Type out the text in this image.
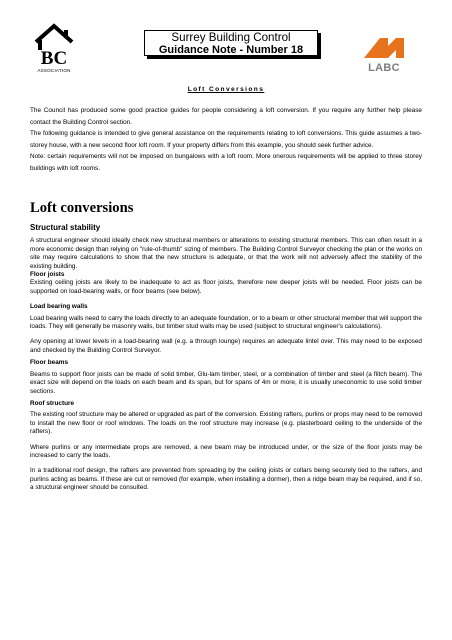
BC
ASSOCIATION
Surrey Building Control
Guidance Note - Number 18
LABC
Loft Conversions

The Council has produced some good practice guides for people considering a loft conversion. If you require any further help please contact the Building Control section.

The following guidance is intended to give general assistance on the requirements relating to loft conversions. This guide assumes a two-storey house, with a new second floor loft room. If your property differs from this example, you should seek further advice.

Note: certain requirements will not be imposed on bungalows with a loft room. More onerous requirements will be applied to three storey buildings with loft rooms.

Loft conversions
Structural stability

A structural engineer should ideally check new structural members or alterations to existing structural members. This can often result in a more economic design than relying on "rule-of-thumb" sizing of members. The Building Control Surveyor checking the plan or the works on site may require calculations to show that the new structure is adequate, or that the work will not adversely affect the stability of the existing building.

Floor joists

Existing ceiling joists are likely to be inadequate to act as floor joists, therefore new deeper joists will be needed. Floor joists can be supported on load-bearing walls, or floor beams (see below).

Load bearing walls

Load bearing walls need to carry the loads directly to an adequate foundation, or to a beam or other structural member that will support the loads. They will generally be masonry walls, but timber stud walls may be used (subject to structural engineer's calculations).

Any opening at lower levels in a load-bearing wall (e.g. a through lounge) requires an adequate lintel over. This may need to be exposed and checked by the Building Control Surveyor.

Floor beams

Beams to support floor joists can be made of solid timber, Glu-lam timber, steel, or a combination of timber and steel (a flitch beam). The exact size will depend on the loads on each beam and its span, but for spans of 4m or more, it is usually uneconomic to use solid timber sections.

Roof structure

The existing roof structure may be altered or upgraded as part of the conversion. Existing rafters, purlins or props may need to be removed to install the new floor or roof windows. The loads on the roof structure may increase (e.g. plasterboard ceiling to the underside of the rafters).

Where purlins or any intermediate props are removed, a new beam may be introduced under, or the size of the floor joists may be increased to carry the loads.

In a traditional roof design, the rafters are prevented from spreading by the ceiling joists or collars being securely tied to the rafters, and purlins acting as beams. If these are cut or removed (for example, when installing a dormer), then a ridge beam may be required, and if so, a structural engineer should be consulted.
